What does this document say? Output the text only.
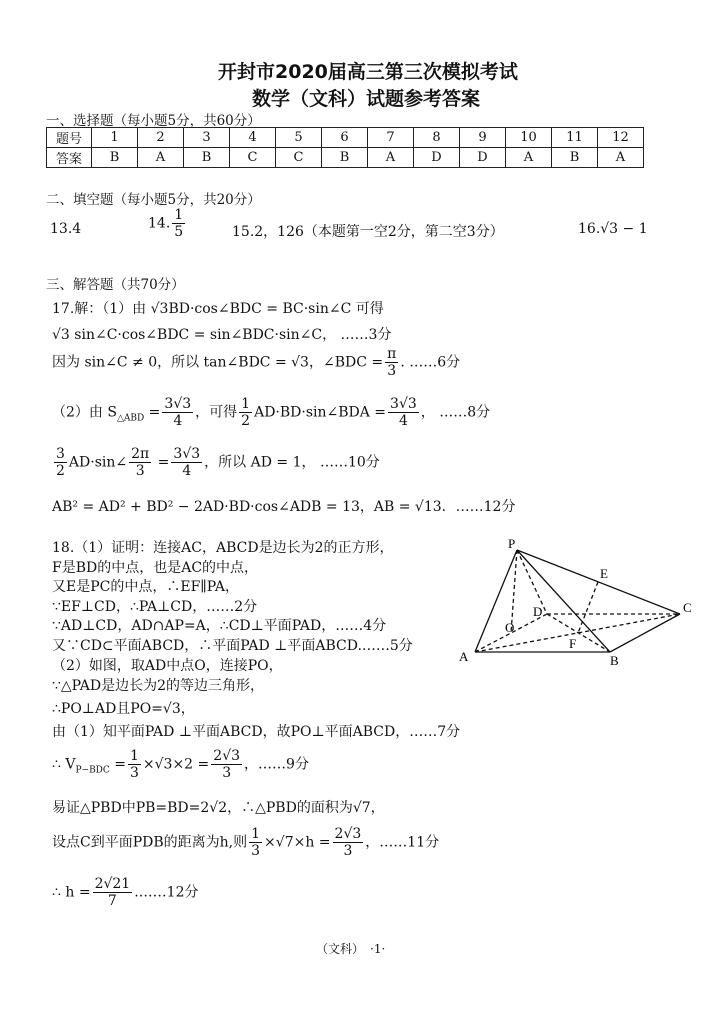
开封市2020届高三第三次模拟考试
数学（文科）试题参考答案
一、选择题（每小题5分，共60分）
题号	1	2	3	4	5	6	7	8	9	10	11	12
答案	B	A	B	C	C	B	A	D	D	A	B	A
二、填空题（每小题5分，共20分）
13.4	14. $\frac{1}{5}$	15.2，126（本题第一空2分，第二空3分）	16.√3 − 1
三、解答题（共70分）
17.解：（1）由 √3BD·cos∠BDC = BC·sin∠C 可得
√3 sin∠C·cos∠BDC = sin∠BDC·sin∠C， ……3分
因为 sin∠C ≠ 0，所以 tan∠BDC = √3，∠BDC = $\frac{\pi}{3}$ . ……6分
（2）由 $S_{\triangle ABD} = \frac{3√3}{4}$ ，可得 $\frac{1}{2}$ AD·BD·sin∠BDA = $\frac{3√3}{4}$ ， ……8分
$\frac{3}{2}$ AD·sin∠ $\frac{2\pi}{3} = \frac{3√3}{4}$ ，所以 AD = 1， ……10分
AB² = AD² + BD² − 2AD·BD·cos∠ADB = 13，AB = √13．……12分
18.（1）证明：连接AC，ABCD是边长为2的正方形，
F是BD的中点，也是AC的中点，
又E是PC的中点，∴EF∥PA，
∵EF⊥CD，∴PA⊥CD，……2分
∵AD⊥CD，AD∩AP=A，∴CD⊥平面PAD，……4分
又∵CD⊂平面ABCD，∴平面PAD ⊥平面ABCD.……5分
（2）如图，取AD中点O，连接PO，
∵△PAD是边长为2的等边三角形，
∴PO⊥AD且PO=√3，
由（1）知平面PAD ⊥平面ABCD，故PO⊥平面ABCD，……7分
∴ $V_{P-BDC} = \frac{1}{3} \times√3\times 2 = \frac{2√3}{3}$ ，……9分
易证△PBD中PB=BD=2√2，∴△PBD的面积为√7，
设点C到平面PDB的距离为h,则 $\frac{1}{3} \times√7\times h = \frac{2√3}{3}$ ，……11分
∴ $h = \frac{2√21}{7}$ .……12分
P
E
C
D
O
F
A	B
（文科）　·1·
